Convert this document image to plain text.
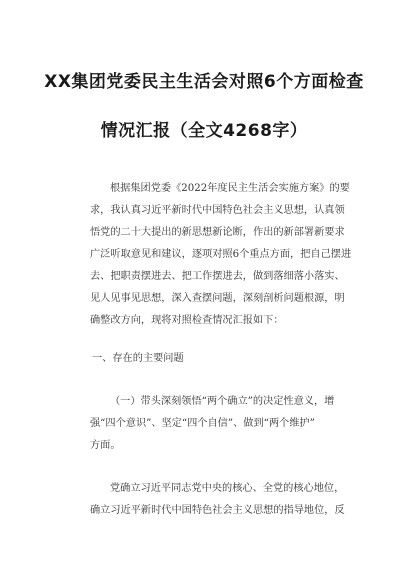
XX集团党委民主生活会对照6个方面检查
情况汇报（全文4268字）
根据集团党委《2022年度民主生活会实施方案》的要
求，我认真习近平新时代中国特色社会主义思想，认真领
悟党的二十大提出的新思想新论断，作出的新部署新要求
广泛听取意见和建议，逐项对照6个重点方面，把自己摆进
去、把职责摆进去、把工作摆进去，做到落细落小落实、
见人见事见思想，深入查摆问题，深刻剖析问题根源，明
确整改方向，现将对照检查情况汇报如下：
一、存在的主要问题
（一）带头深刻领悟“两个确立”的决定性意义，增
强“四个意识”、坚定“四个自信”、做到“两个维护”
方面。
党确立习近平同志党中央的核心、全党的核心地位，
确立习近平新时代中国特色社会主义思想的指导地位，反
